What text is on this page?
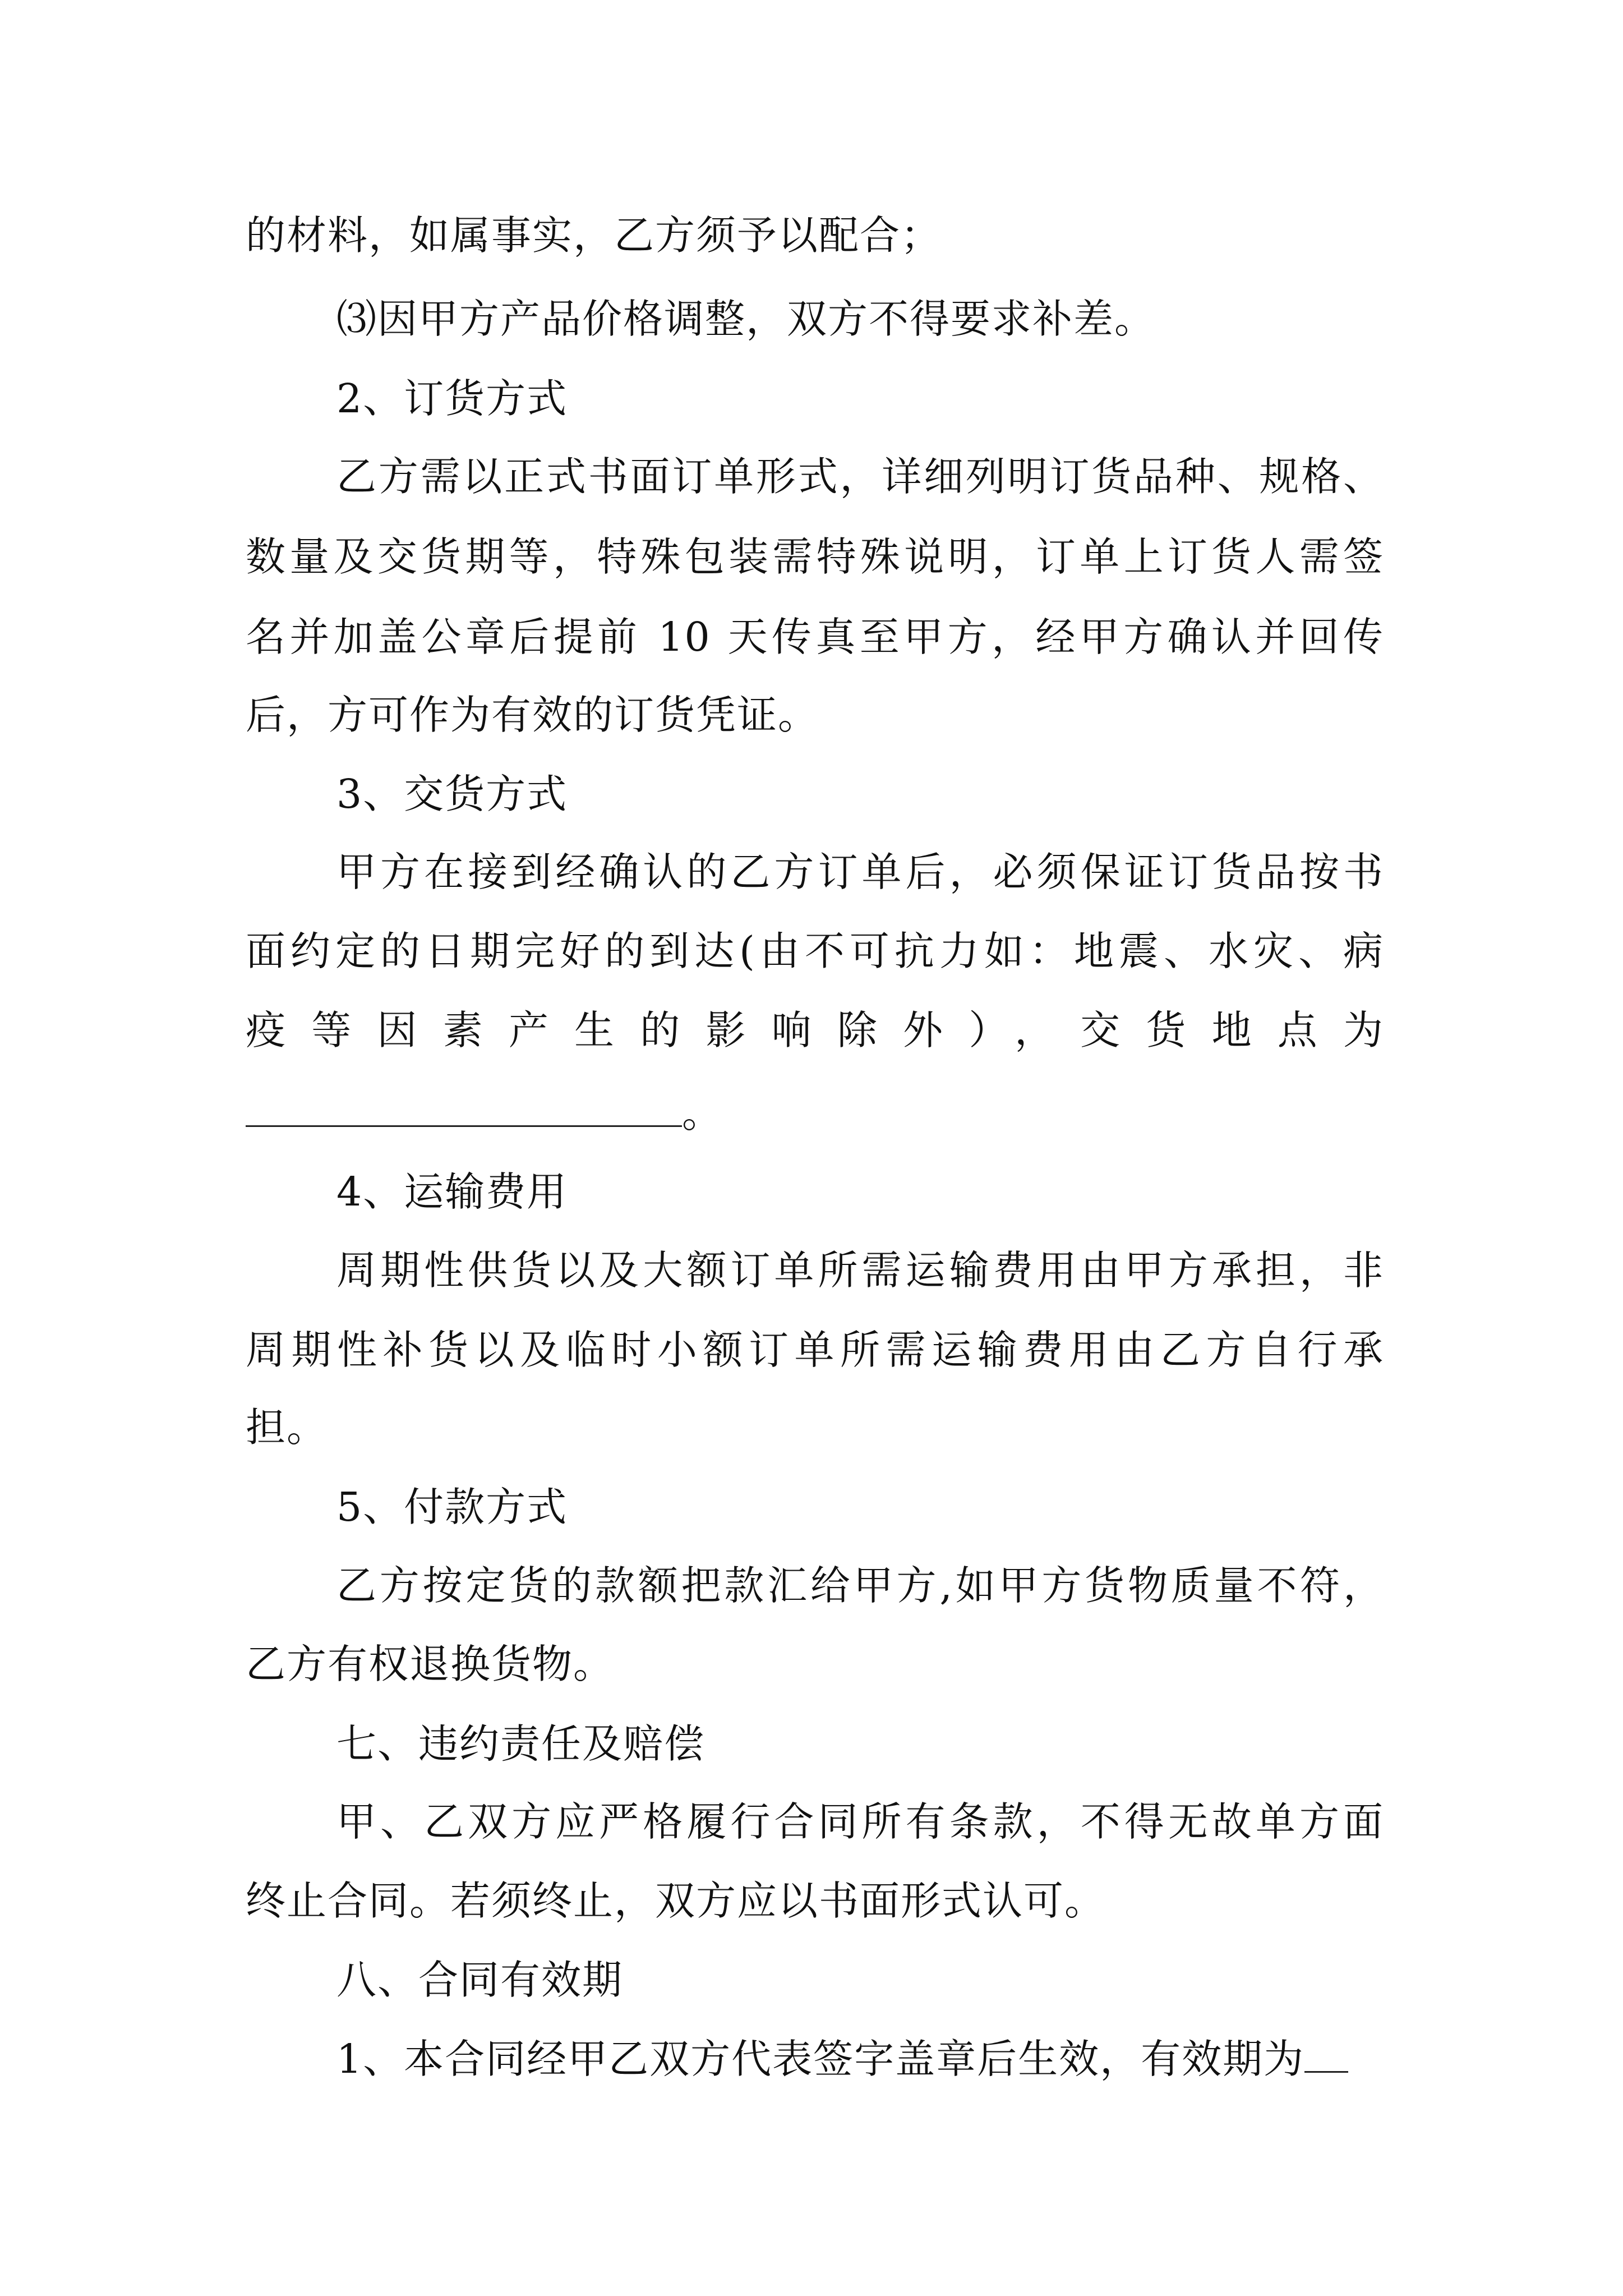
的材料，如属事实，乙方须予以配合；
⑶因甲方产品价格调整，双方不得要求补差。
2、订货方式
乙方需以正式书面订单形式，详细列明订货品种、规格、
数量及交货期等，特殊包装需特殊说明，订单上订货人需签
名并加盖公章后提前 10 天传真至甲方，经甲方确认并回传
后，方可作为有效的订货凭证。
3、交货方式
甲方在接到经确认的乙方订单后，必须保证订货品按书
面约定的日期完好的到达(由不可抗力如：地震、水灾、病
疫等因素产生的影响除外），交货地点为
。
4、运输费用
周期性供货以及大额订单所需运输费用由甲方承担，非
周期性补货以及临时小额订单所需运输费用由乙方自行承
担。
5、付款方式
乙方按定货的款额把款汇给甲方,如甲方货物质量不符，
乙方有权退换货物。
七、违约责任及赔偿
甲、乙双方应严格履行合同所有条款，不得无故单方面
终止合同。若须终止，双方应以书面形式认可。
八、合同有效期
1、本合同经甲乙双方代表签字盖章后生效，有效期为
